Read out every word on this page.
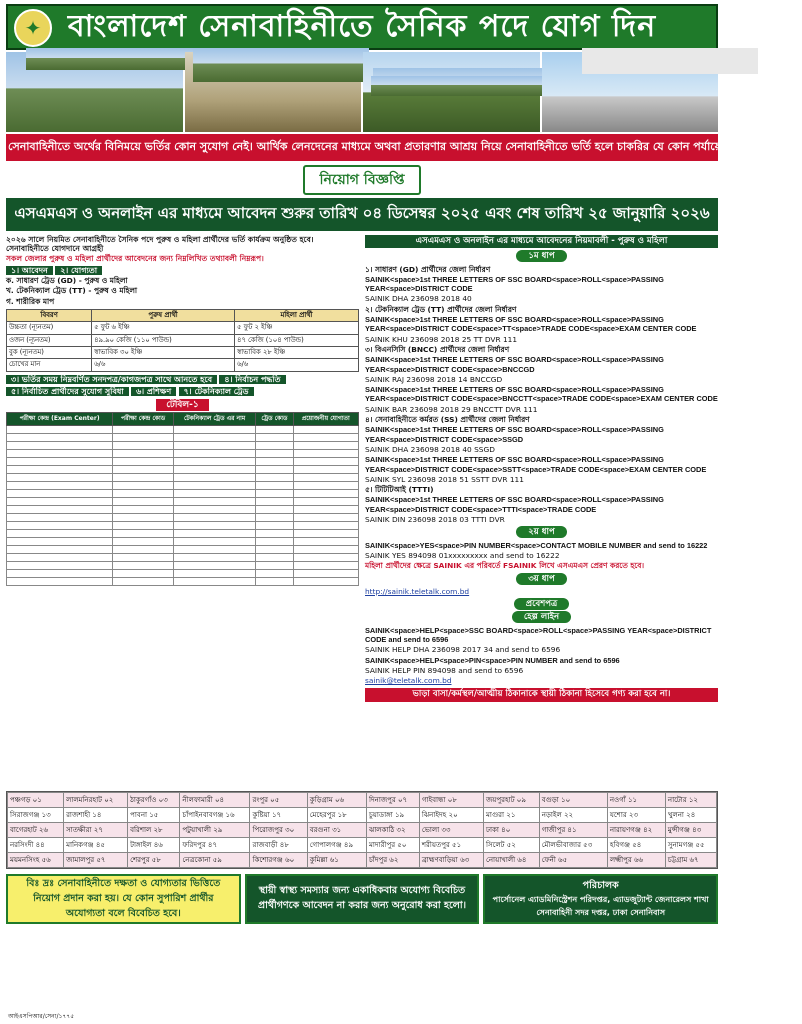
✦ বাংলাদেশ সেনাবাহিনীতে সৈনিক পদে যোগ দিন
সেনাবাহিনীতে অর্থের বিনিময়ে ভর্তির কোন সুযোগ নেই। আর্থিক লেনদেনের মাধ্যমে অথবা প্রতারণার আশ্রয় নিয়ে সেনাবাহিনীতে ভর্তি হলে চাকরির যে কোন পর্যায়ে বহিষ্কার করা হবে।
নিয়োগ বিজ্ঞপ্তি
এসএমএস ও অনলাইন এর মাধ্যমে আবেদন শুরুর তারিখ ০৪ ডিসেম্বর ২০২৫ এবং শেষ তারিখ ২৫ জানুয়ারি ২০২৬
২০২৬ সালে নিয়মিত সেনাবাহিনীতে সৈনিক পদে পুরুষ ও মহিলা প্রার্থীদের ভর্তি কার্যক্রম অনুষ্ঠিত হবে। সেনাবাহিনীতে যোগদানে আগ্রহী
সকল জেলার পুরুষ ও মহিলা প্রার্থীদের আবেদনের জন্য নিম্নলিখিত তথ্যাবলী নিম্নরূপ।
১। আবেদন ২। যোগ্যতা
ক. সাধারণ ট্রেড (GD) - পুরুষ ও মহিলা
খ. টেকনিক্যাল ট্রেড (TT) - পুরুষ ও মহিলা
গ. শারীরিক মাপ
বিবরণ	পুরুষ প্রার্থী	মহিলা প্রার্থী
উচ্চতা (ন্যূনতম)	৫ ফুট ৬ ইঞ্চি	৫ ফুট ২ ইঞ্চি
ওজন (ন্যূনতম)	৪৯.৯০ কেজি (১১০ পাউন্ড)	৪৭ কেজি (১০৪ পাউন্ড)
বুক (ন্যূনতম)	স্বাভাবিক ৩০ ইঞ্চি	স্বাভাবিক ২৮ ইঞ্চি
চোখের মান	৬/৬	৬/৬
৩। ভর্তির সময় নিম্নবর্ণিত সনদপত্র/কাগজপত্র সাথে আনতে হবে ৪। নির্বাচন পদ্ধতি ৫। নির্বাচিত প্রার্থীদের সুযোগ সুবিধা ৬। প্রশিক্ষণ ৭। টেকনিক্যাল ট্রেড
টেবিল-১
পরীক্ষা কেন্দ্র (Exam Center)	পরীক্ষা কেন্দ্র কোড	টেকনিক্যাল ট্রেড এর নাম	ট্রেড কোড	প্রয়োজনীয় যোগ্যতা

এসএমএস ও অনলাইন এর মাধ্যমে আবেদনের নিয়মাবলী - পুরুষ ও মহিলা
১ম ধাপ
১। সাধারণ (GD) প্রার্থীদের জেলা নির্ধারণ
SAINIK<space>1st THREE LETTERS OF SSC BOARD<space>ROLL<space>PASSING YEAR<space>DISTRICT CODE
SAINIK DHA 236098 2018 40
২। টেকনিক্যাল ট্রেড (TT) প্রার্থীদের জেলা নির্ধারণ
SAINIK<space>1st THREE LETTERS OF SSC BOARD<space>ROLL<space>PASSING YEAR<space>DISTRICT CODE<space>TT<space>TRADE CODE<space>EXAM CENTER CODE
SAINIK KHU 236098 2018 25 TT DVR 111
৩। বিএনসিসি (BNCC) প্রার্থীদের জেলা নির্ধারণ
SAINIK<space>1st THREE LETTERS OF SSC BOARD<space>ROLL<space>PASSING YEAR<space>DISTRICT CODE<space>BNCCGD
SAINIK RAJ 236098 2018 14 BNCCGD
SAINIK<space>1st THREE LETTERS OF SSC BOARD<space>ROLL<space>PASSING YEAR<space>DISTRICT CODE<space>BNCCTT<space>TRADE CODE<space>EXAM CENTER CODE
SAINIK BAR 236098 2018 29 BNCCTT DVR 111
৪। সেনাবাহিনীতে কর্মরত (SS) প্রার্থীদের জেলা নির্ধারণ
SAINIK<space>1st THREE LETTERS OF SSC BOARD<space>ROLL<space>PASSING YEAR<space>DISTRICT CODE<space>SSGD
SAINIK DHA 236098 2018 40 SSGD
SAINIK<space>1st THREE LETTERS OF SSC BOARD<space>ROLL<space>PASSING YEAR<space>DISTRICT CODE<space>SSTT<space>TRADE CODE<space>EXAM CENTER CODE
SAINIK SYL 236098 2018 51 SSTT DVR 111
৫। টিটিটিআই (TTTI)
SAINIK<space>1st THREE LETTERS OF SSC BOARD<space>ROLL<space>PASSING YEAR<space>DISTRICT CODE<space>TTTI<space>TRADE CODE
SAINIK DIN 236098 2018 03 TTTI DVR
২য় ধাপ
SAINIK<space>YES<space>PIN NUMBER<space>CONTACT MOBILE NUMBER and send to 16222
SAINIK YES 894098 01xxxxxxxxx and send to 16222
মহিলা প্রার্থীদের ক্ষেত্রে SAINIK এর পরিবর্তে FSAINIK লিখে এসএমএস প্রেরণ করতে হবে।
৩য় ধাপ
http://sainik.teletalk.com.bd
প্রবেশপত্র
হেল্প লাইন
SAINIK<space>HELP<space>SSC BOARD<space>ROLL<space>PASSING YEAR<space>DISTRICT CODE and send to 6596
SAINIK HELP DHA 236098 2017 34 and send to 6596
SAINIK<space>HELP<space>PIN<space>PIN NUMBER and send to 6596
SAINIK HELP PIN 894098 and send to 6596
sainik@teletalk.com.bd
ভাড়া বাসা/কর্মস্থল/আত্মীয় ঠিকানাকে স্থায়ী ঠিকানা হিসেবে গণ্য করা হবে না।
পঞ্চগড় ০১	লালমনিরহাট ০২	ঠাকুরগাঁও ০৩	নীলফামারী ০৪	রংপুর ০৫	কুড়িগ্রাম ০৬	দিনাজপুর ০৭	গাইবান্ধা ০৮	জয়পুরহাট ০৯	বগুড়া ১০	নওগাঁ ১১	নাটোর ১২
সিরাজগঞ্জ ১৩	রাজশাহী ১৪	পাবনা ১৫	চাঁপাইনবাবগঞ্জ ১৬	কুষ্টিয়া ১৭	মেহেরপুর ১৮	চুয়াডাঙ্গা ১৯	ঝিনাইদহ ২০	মাগুরা ২১	নড়াইল ২২	যশোর ২৩	খুলনা ২৪
বাগেরহাট ২৬	সাতক্ষীরা ২৭	বরিশাল ২৮	পটুয়াখালী ২৯	পিরোজপুর ৩০	বরগুনা ৩১	ঝালকাঠি ৩২	ভোলা ৩৩	ঢাকা ৪০	গাজীপুর ৪১	নারায়ণগঞ্জ ৪২	মুন্সীগঞ্জ ৪৩
নরসিংদী ৪৪	মানিকগঞ্জ ৪৫	টাঙ্গাইল ৪৬	ফরিদপুর ৪৭	রাজবাড়ী ৪৮	গোপালগঞ্জ ৪৯	মাদারীপুর ৫০	শরীয়তপুর ৫১	সিলেট ৫২	মৌলভীবাজার ৫৩	হবিগঞ্জ ৫৪	সুনামগঞ্জ ৫৫
ময়মনসিংহ ৫৬	জামালপুর ৫৭	শেরপুর ৫৮	নেত্রকোনা ৫৯	কিশোরগঞ্জ ৬০	কুমিল্লা ৬১	চাঁদপুর ৬২	ব্রাহ্মণবাড়িয়া ৬৩	নোয়াখালী ৬৪	ফেনী ৬৫	লক্ষ্মীপুর ৬৬	চট্টগ্রাম ৬৭
বিঃ দ্রঃ সেনাবাহিনীতে দক্ষতা ও যোগ্যতার ভিত্তিতে নিয়োগ প্রদান করা হয়। যে কোন সুপারিশ প্রার্থীর অযোগ্যতা বলে বিবেচিত হবে।
স্থায়ী স্বাস্থ্য সমস্যার জন্য একাধিকবার অযোগ্য বিবেচিত প্রার্থীগণকে আবেদন না করার জন্য অনুরোধ করা হলো।
পরিচালক
পার্সোনেল এ্যাডমিনিস্ট্রেশন পরিদপ্তর, এ্যাডজুট্যান্ট জেনারেলস শাখা সেনাবাহিনী সদর দপ্তর, ঢাকা সেনানিবাস
আইএসপিআর/সেনা/১৭৭৫
